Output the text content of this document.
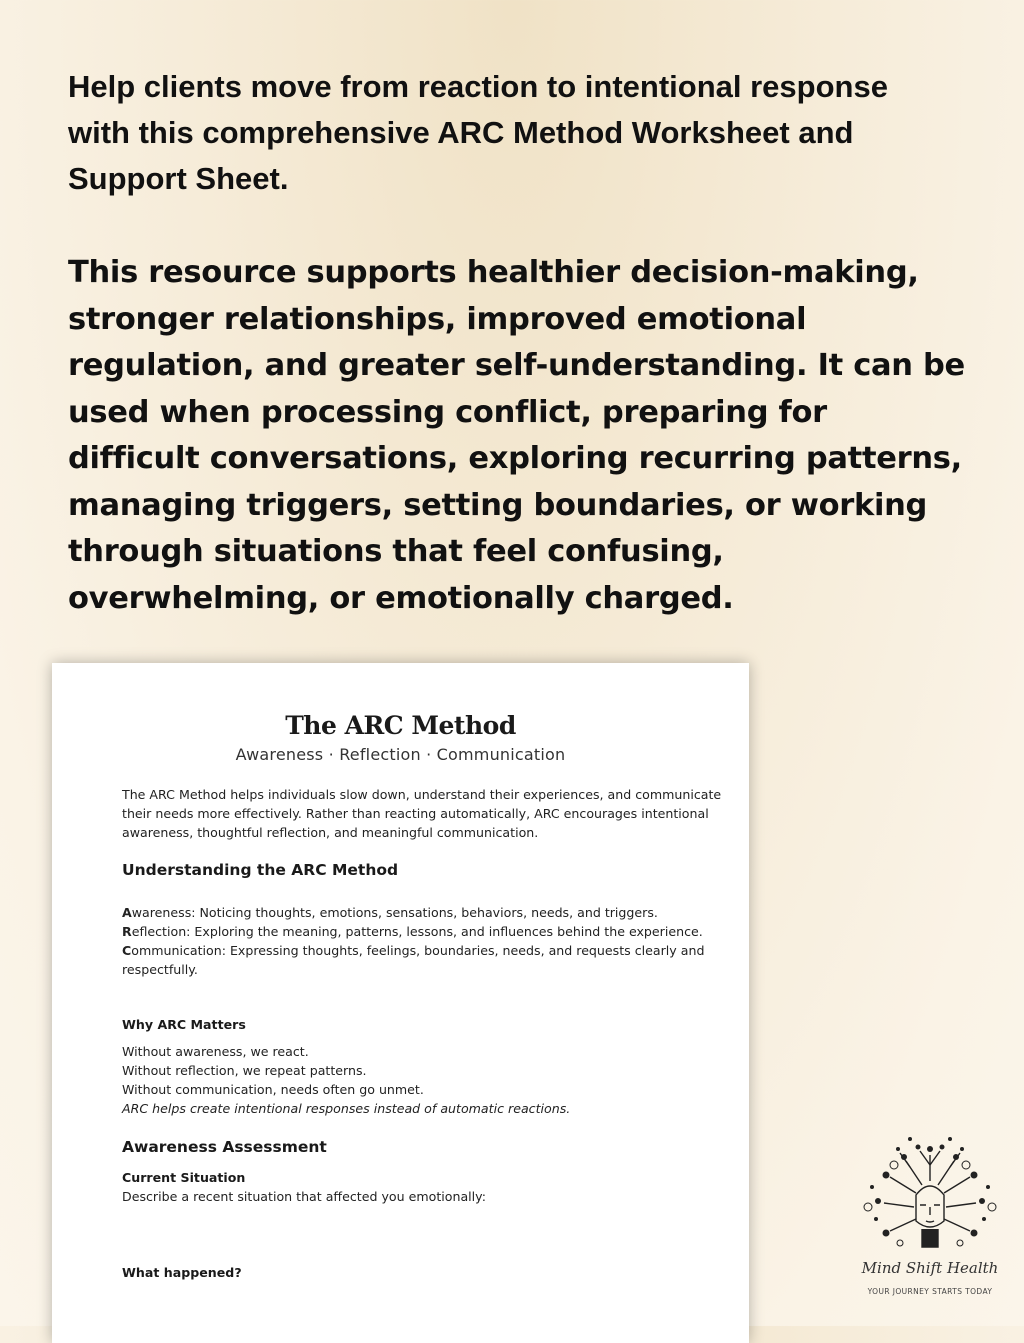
Help clients move from reaction to intentional response with this comprehensive ARC Method Worksheet and Support Sheet.

This resource supports healthier decision-making, stronger relationships, improved emotional regulation, and greater self-understanding. It can be used when processing conflict, preparing for difficult conversations, exploring recurring patterns, managing triggers, setting boundaries, or working through situations that feel confusing, overwhelming, or emotionally charged.

The ARC Method
Awareness · Reflection · Communication

The ARC Method helps individuals slow down, understand their experiences, and communicate their needs more effectively. Rather than reacting automatically, ARC encourages intentional awareness, thoughtful reflection, and meaningful communication.

Understanding the ARC Method
Awareness: Noticing thoughts, emotions, sensations, behaviors, needs, and triggers.
Reflection: Exploring the meaning, patterns, lessons, and influences behind the experience.
Communication: Expressing thoughts, feelings, boundaries, needs, and requests clearly and respectfully.
Why ARC Matters
Without awareness, we react.
Without reflection, we repeat patterns.
Without communication, needs often go unmet.
ARC helps create intentional responses instead of automatic reactions.
Awareness Assessment
Current Situation
Describe a recent situation that affected you emotionally:
What happened?	Mind Shift Health
YOUR JOURNEY STARTS TODAY
